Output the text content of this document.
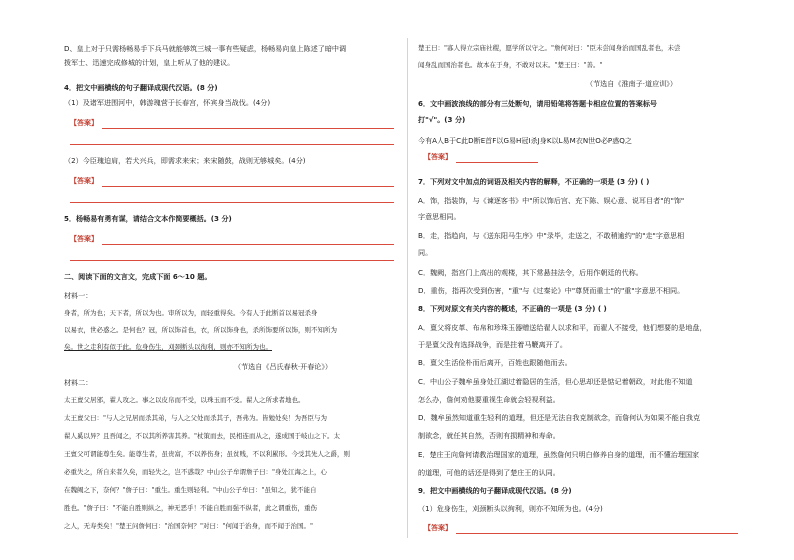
D、皇上对于只需杨畅易手下兵马就能够筑三城一事有些疑虑，杨畅易向皇上陈述了暗中调
拨军士、迅速完成修城的计划，皇上听从了他的建议。
4．把文中画横线的句子翻译成现代汉语。(8 分)
（1）及诸军进围河中，韩游瑰营于长春宫，怀宾身当战伐。(4分)
【答案】
（2）今臣瑰迫肩，若犬兴兵，即需求来宋；来宋随鼓，战则无够城矣。(4分)
【答案】
5．杨畅易有勇有谋，请结合文本作简要概括。(3 分)
【答案】
二、阅读下面的文言文，完成下面 6～10 题。
材料一：
身者，所为也；天下者，所以为也。审所以为，而轻重得矣。今有人于此断首以易冠杀身
以易衣，世必惑之。是何也？冠，所以饰首也，衣，所以饰身也，杀所饰要所以饰，则不知所为
矣。世之走利有似于此。危身伤生，刈颈断头以徇利，则亦不知所为也。
（节选自《吕氏春秋·开春论》）
材料二：
太王亶父居邠，翟人攻之。事之以皮帛而不受，以珠玉而不受。翟人之所求者地也。
太王亶父曰："与人之兄居而杀其弟，与人之父处而杀其子，吾弗为。皆勉处矣！为吾臣与为
翟人奚以异？且吾闻之，不以其所养害其养。"杖策而去，民相连而从之，遂成国于岐山之下。太
王亶父可谓能尊生矣。能尊生者，虽贵富，不以养伤身；虽贫贱，不以利累形。今受其先人之爵，则
必重失之，所自来者久矣，而轻失之，岂不惑哉？中山公子牟谓詹子曰："身处江海之上，心
在魏阙之下，奈何？"詹子曰："重生。重生则轻利。"中山公子牟曰："虽知之，犹不能自
胜也。"詹子曰："不能自胜则纵之，神无恶乎！不能自胜而强不纵者，此之谓重伤，重伤
之人，无寿类矣！"楚王问詹何曰："治国奈何？"对曰："何闻于治身，而不闻于治国。"
楚王曰："寡人得立宗庙社稷，愿学所以守之。"詹何对曰："臣未尝闻身治而国乱者也，未尝
闻身乱而国治者也。故本在于身，不敢对以末。"楚王曰："善。"
（节选自《淮南子·道应训》）
6．文中画波浪线的部分有三处断句，请用铅笔将答题卡相应位置的答案标号
打"√"。(3 分)
今有A人B于C此D断E首F以G易H冠I杀J身K以L易M衣N世O必P惑Q之
【答案】
7．下列对文中加点的词语及相关内容的解释，不正确的一项是 (3 分) ( )
A．饰，指装饰，与《谏逐客书》中"所以饰后宫、充下陈、娱心意、说耳目者"的"饰"
字意思相同。
B．走，指趋向，与《送东阳马生序》中"录毕，走送之，不敢稍逾约"的"走"字意思相
同。
C．魏阙，指宫门上高出的观楼，其下常悬挂法令，后用作朝廷的代称。
D．重伤，指再次受到伤害，"重"与《过秦论》中"尊贤而重士"的"重"字意思不相同。
8．下列对原文有关内容的概述，不正确的一项是 (3 分) ( )
A．亶父将皮革、布帛和珍珠玉器赠送给翟人以求和平，而翟人不接受，他们想要的是地盘，
于是亶父没有选择战争，而是拄着马鞭离开了。
B．亶父生活俭朴而后离开，百姓也跟随他而去。
C．中山公子魏牟虽身处江湖过着隐居的生活，但心思却还是惦记着朝政，对此他不知道
怎么办，詹何劝他要重视生命就会轻视利益。
D．魏牟虽然知道重生轻利的道理，但还是无法自我克制欲念，而詹何认为如果不能自我克
制欲念，就任其自然，否则有损精神和寿命。
E．楚庄王向詹何请教治理国家的道理，虽然詹何只明白修养自身的道理，而不懂治理国家
的道理，可他的话还是得到了楚庄王的认同。
9．把文中画横线的句子翻译成现代汉语。(8 分)
（1）危身伤生，刈颈断头以徇利，则亦不知所为也。(4分)
【答案】
